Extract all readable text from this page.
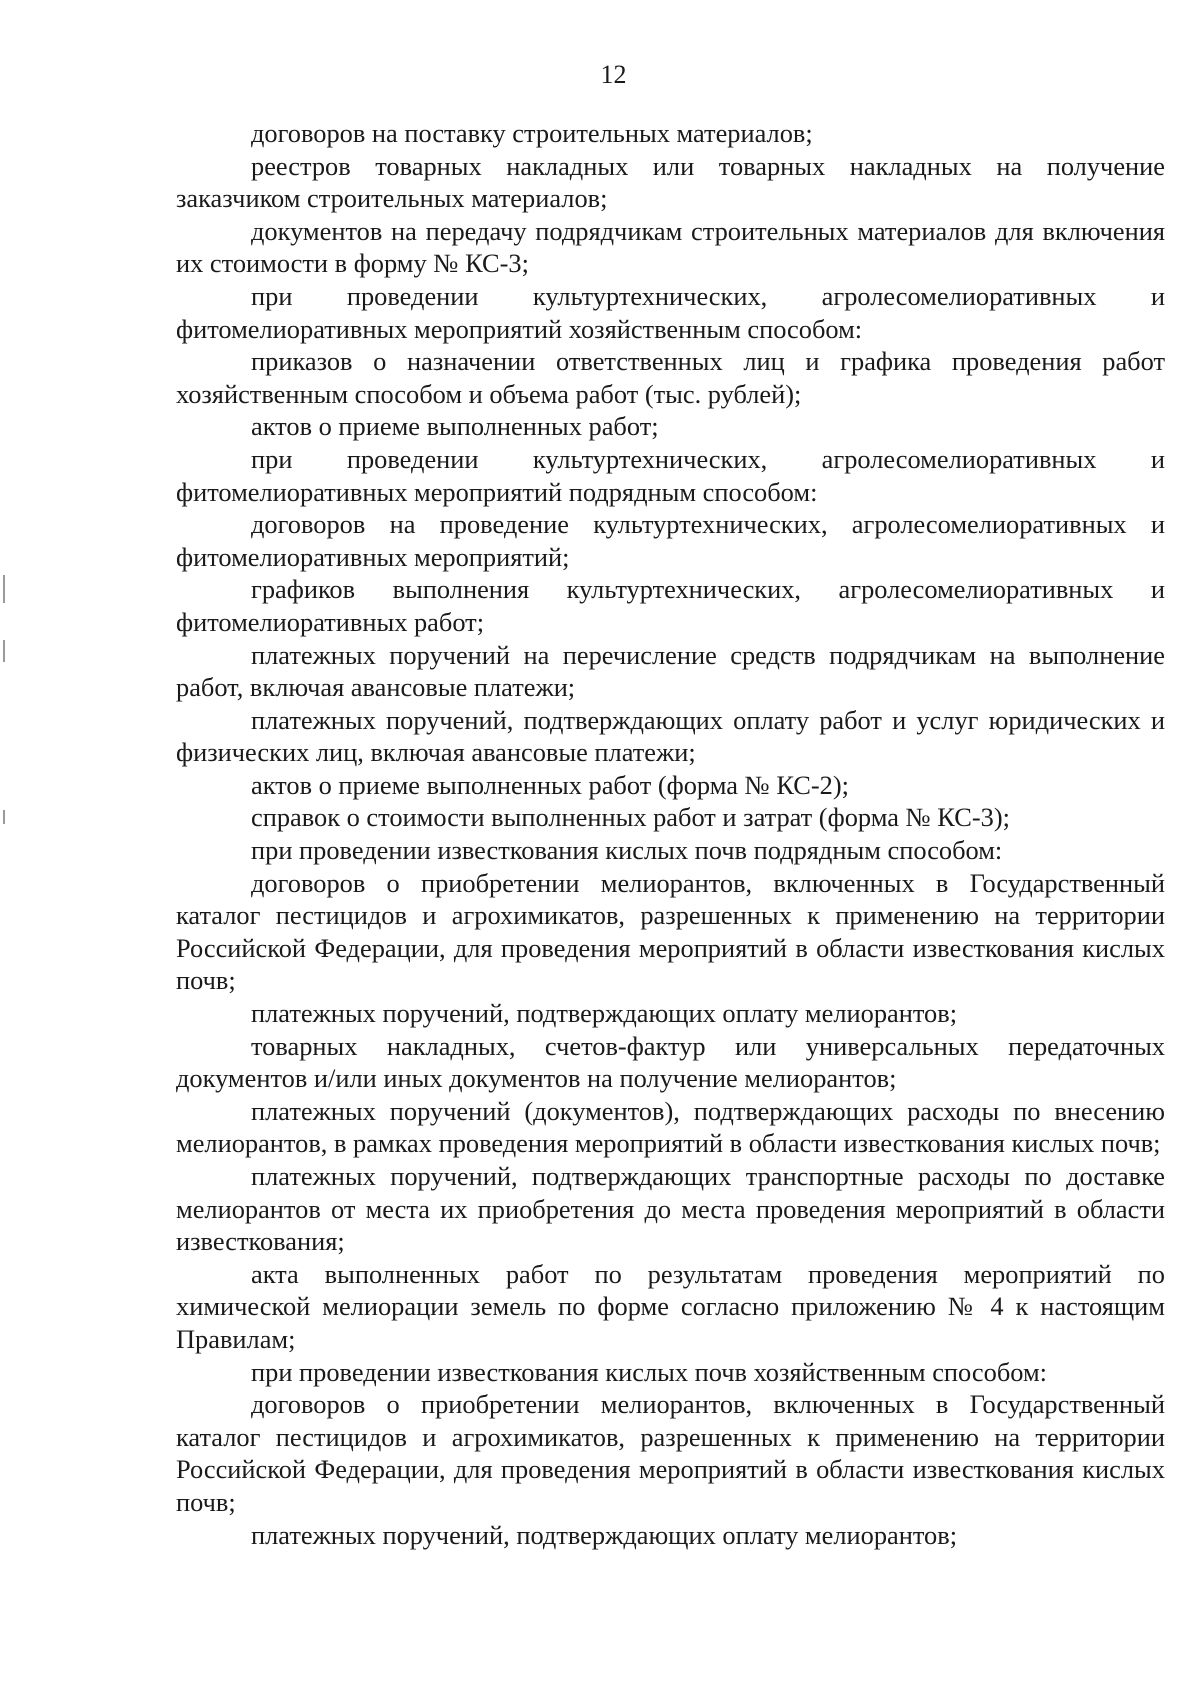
12

договоров на поставку строительных материалов;

реестров товарных накладных или товарных накладных на получение заказчиком строительных материалов;

документов на передачу подрядчикам строительных материалов для включения их стоимости в форму № КС-3;

при проведении культуртехнических, агролесомелиоративных и фитомелиоративных мероприятий хозяйственным способом:

приказов о назначении ответственных лиц и графика проведения работ хозяйственным способом и объема работ (тыс. рублей);

актов о приеме выполненных работ;

при проведении культуртехнических, агролесомелиоративных и фитомелиоративных мероприятий подрядным способом:

договоров на проведение культуртехнических, агролесомелиоративных и фитомелиоративных мероприятий;

графиков выполнения культуртехнических, агролесомелиоративных и фитомелиоративных работ;

платежных поручений на перечисление средств подрядчикам на выполнение работ, включая авансовые платежи;

платежных поручений, подтверждающих оплату работ и услуг юридических и физических лиц, включая авансовые платежи;

актов о приеме выполненных работ (форма № КС-2);

справок о стоимости выполненных работ и затрат (форма № КС-3);

при проведении известкования кислых почв подрядным способом:

договоров о приобретении мелиорантов, включенных в Государственный каталог пестицидов и агрохимикатов, разрешенных к применению на территории Российской Федерации, для проведения мероприятий в области известкования кислых почв;

платежных поручений, подтверждающих оплату мелиорантов;

товарных накладных, счетов-фактур или универсальных передаточных документов и/или иных документов на получение мелиорантов;

платежных поручений (документов), подтверждающих расходы по внесению мелиорантов, в рамках проведения мероприятий в области известкования кислых почв;

платежных поручений, подтверждающих транспортные расходы по доставке мелиорантов от места их приобретения до места проведения мероприятий в области известкования;

акта выполненных работ по результатам проведения мероприятий по химической мелиорации земель по форме согласно приложению № 4 к настоящим Правилам;

при проведении известкования кислых почв хозяйственным способом:

договоров о приобретении мелиорантов, включенных в Государственный каталог пестицидов и агрохимикатов, разрешенных к применению на территории Российской Федерации, для проведения мероприятий в области известкования кислых почв;

платежных поручений, подтверждающих оплату мелиорантов;
